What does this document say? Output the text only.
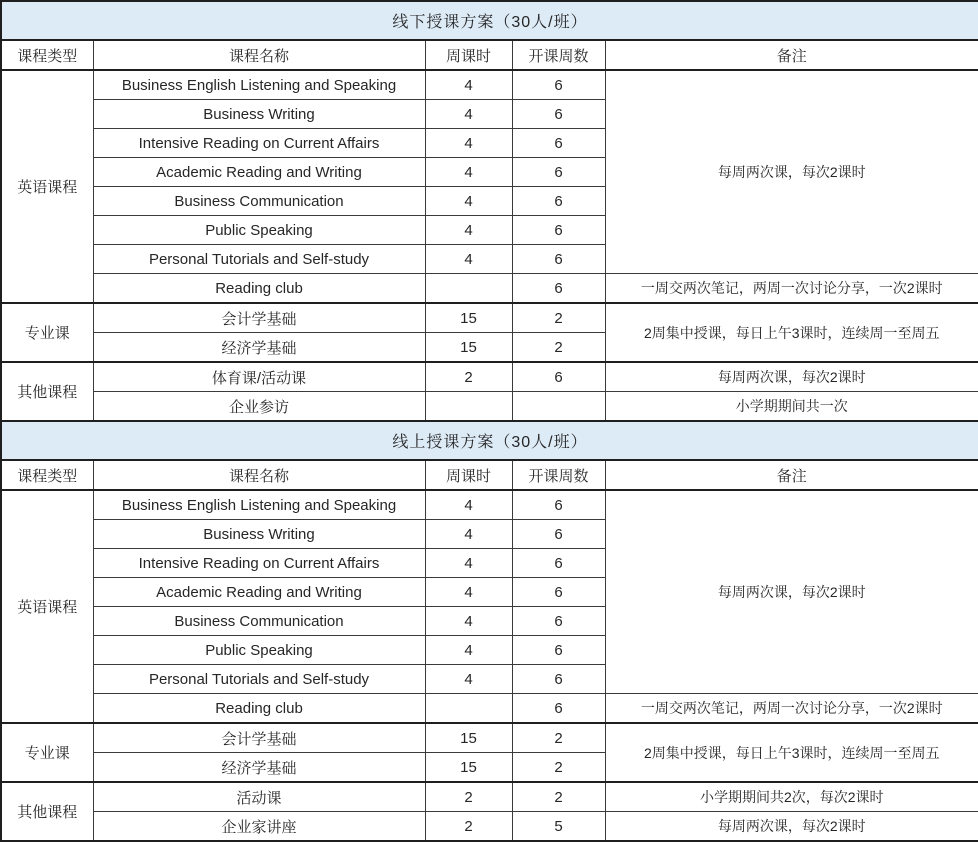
线下授课方案（30人/班）				
课程类型	课程名称	周课时	开课周数	备注
英语课程	Business English Listening and Speaking	4	6	每周两次课，每次2课时
	Business Writing	4	6	
	Intensive Reading on Current Affairs	4	6	
	Academic Reading and Writing	4	6	
	Business Communication	4	6	
	Public Speaking	4	6	
	Personal Tutorials and Self-study	4	6	
	Reading club		6	一周交两次笔记，两周一次讨论分享，一次2课时
专业课	会计学基础	15	2	2周集中授课，每日上午3课时，连续周一至周五
	经济学基础	15	2	
其他课程	体育课/活动课	2	6	每周两次课，每次2课时
	企业参访			小学期期间共一次
线上授课方案（30人/班）				
课程类型	课程名称	周课时	开课周数	备注
英语课程	Business English Listening and Speaking	4	6	每周两次课，每次2课时
	Business Writing	4	6	
	Intensive Reading on Current Affairs	4	6	
	Academic Reading and Writing	4	6	
	Business Communication	4	6	
	Public Speaking	4	6	
	Personal Tutorials and Self-study	4	6	
	Reading club		6	一周交两次笔记，两周一次讨论分享，一次2课时
专业课	会计学基础	15	2	2周集中授课，每日上午3课时，连续周一至周五
	经济学基础	15	2	
其他课程	活动课	2	2	小学期期间共2次，每次2课时
	企业家讲座	2	5	每周两次课，每次2课时
